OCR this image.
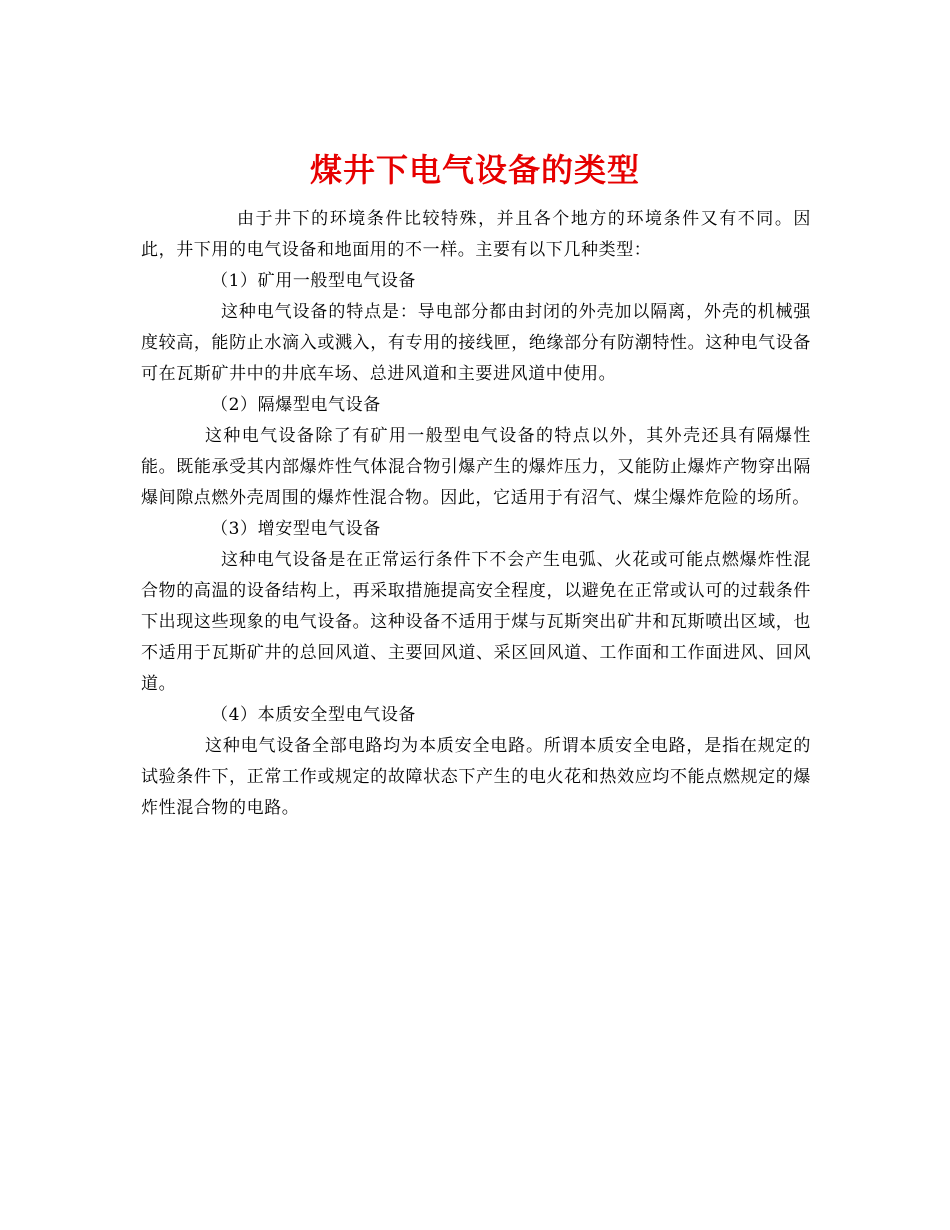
煤井下电气设备的类型

由于井下的环境条件比较特殊，并且各个地方的环境条件又有不同。因此，井下用的电气设备和地面用的不一样。主要有以下几种类型：

（1）矿用一般型电气设备

这种电气设备的特点是：导电部分都由封闭的外壳加以隔离，外壳的机械强度较高，能防止水滴入或溅入，有专用的接线匣，绝缘部分有防潮特性。这种电气设备可在瓦斯矿井中的井底车场、总进风道和主要进风道中使用。

（2）隔爆型电气设备

这种电气设备除了有矿用一般型电气设备的特点以外，其外壳还具有隔爆性能。既能承受其内部爆炸性气体混合物引爆产生的爆炸压力，又能防止爆炸产物穿出隔爆间隙点燃外壳周围的爆炸性混合物。因此，它适用于有沼气、煤尘爆炸危险的场所。

（3）增安型电气设备

这种电气设备是在正常运行条件下不会产生电弧、火花或可能点燃爆炸性混合物的高温的设备结构上，再采取措施提高安全程度，以避免在正常或认可的过载条件下出现这些现象的电气设备。这种设备不适用于煤与瓦斯突出矿井和瓦斯喷出区域，也不适用于瓦斯矿井的总回风道、主要回风道、采区回风道、工作面和工作面进风、回风道。

（4）本质安全型电气设备

这种电气设备全部电路均为本质安全电路。所谓本质安全电路，是指在规定的试验条件下，正常工作或规定的故障状态下产生的电火花和热效应均不能点燃规定的爆炸性混合物的电路。
